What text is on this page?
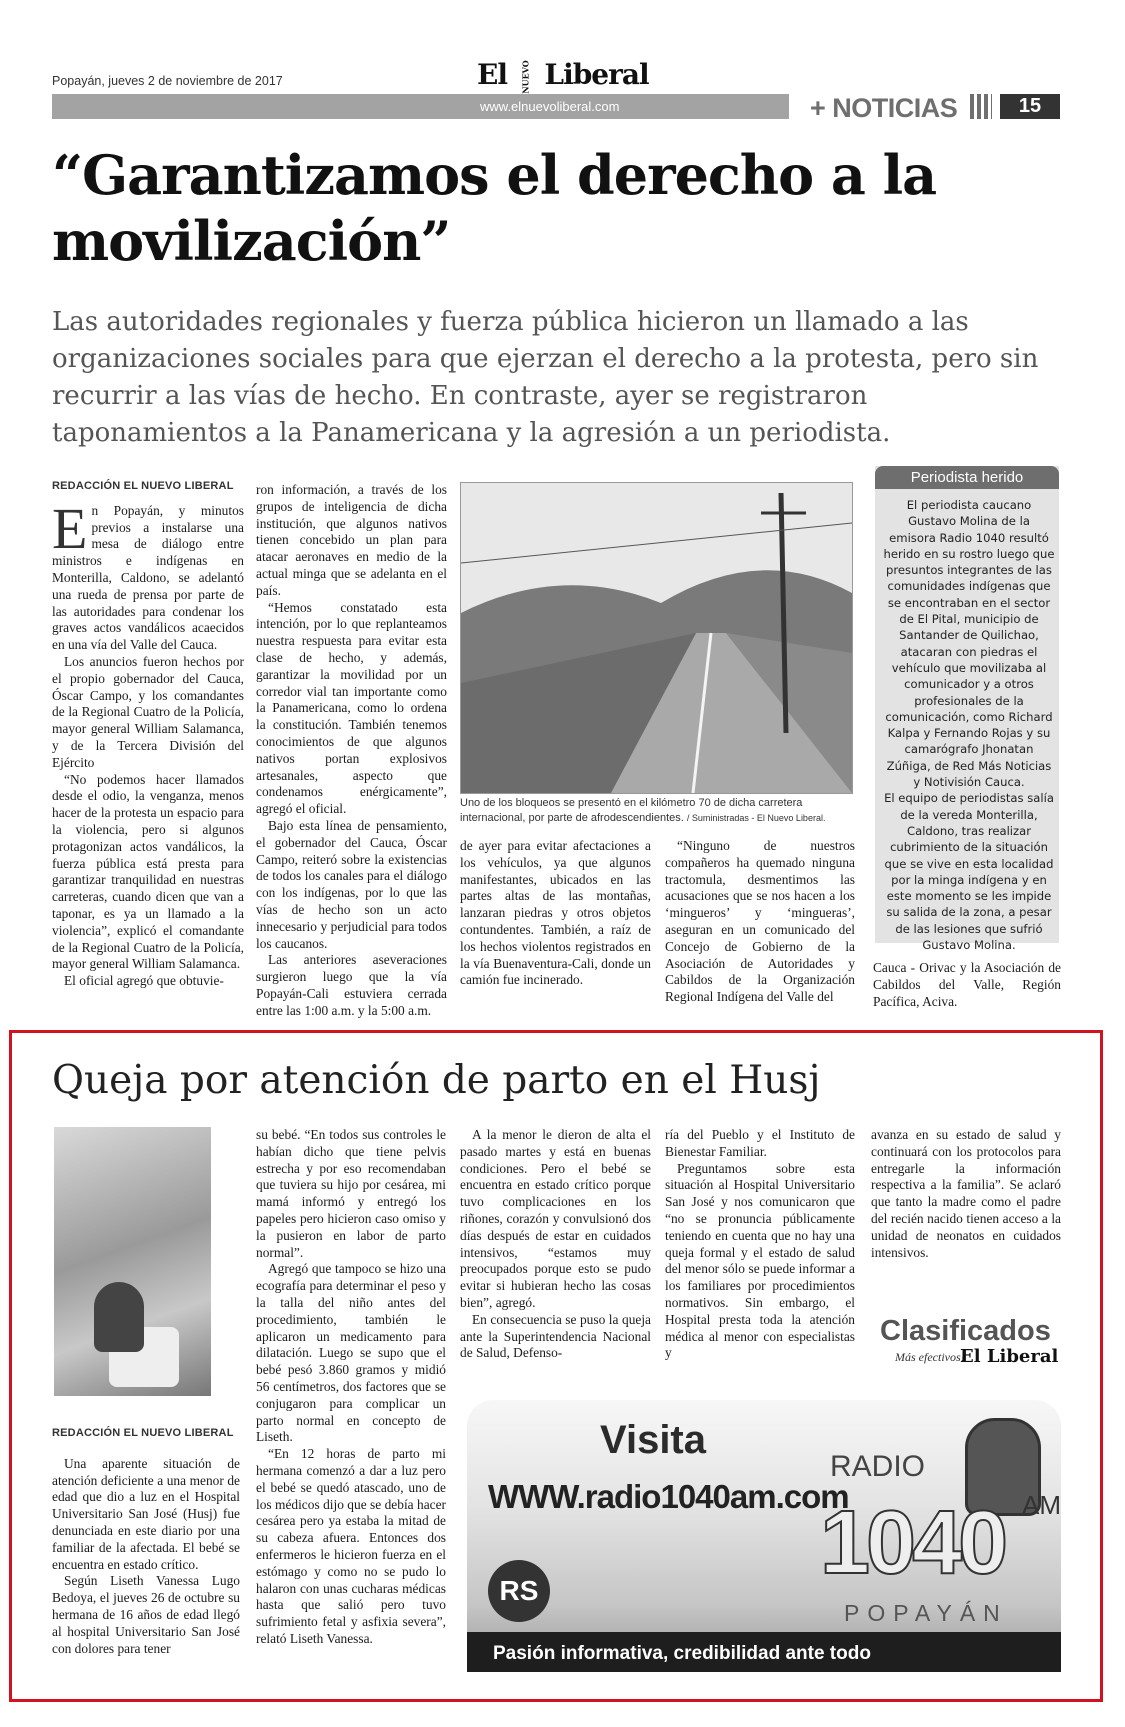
Popayán, jueves 2 de noviembre de 2017	El NUEVO Liberal
www.elnuevoliberal.com	+ NOTICIAS	15
“Garantizamos el derecho a la movilización”
Las autoridades regionales y fuerza pública hicieron un llamado a las organizaciones sociales para que ejerzan el derecho a la protesta, pero sin recurrir a las vías de hecho. En contraste, ayer se registraron taponamientos a la Panamericana y la agresión a un periodista.
REDACCIÓN EL NUEVO LIBERAL
E n Popayán, y minutos previos a instalarse una mesa de diálogo entre ministros e indígenas en Monterilla, Caldono, se adelantó una rueda de prensa por parte de las autoridades para condenar los graves actos vandálicos acaecidos en una vía del Valle del Cauca.

Los anuncios fueron hechos por el propio gobernador del Cauca, Óscar Campo, y los comandantes de la Regional Cuatro de la Policía, mayor general William Salamanca, y de la Tercera División del Ejército

“No podemos hacer llamados desde el odio, la venganza, menos hacer de la protesta un espacio para la violencia, pero si algunos protagonizan actos vandálicos, la fuerza pública está presta para garantizar tranquilidad en nuestras carreteras, cuando dicen que van a taponar, es ya un llamado a la violencia”, explicó el comandante de la Regional Cuatro de la Policía, mayor general William Salamanca.

El oficial agregó que obtuvie-

ron información, a través de los grupos de inteligencia de dicha institución, que algunos nativos tienen concebido un plan para atacar aeronaves en medio de la actual minga que se adelanta en el país.

“Hemos constatado esta intención, por lo que replanteamos nuestra respuesta para evitar esta clase de hecho, y además, garantizar la movilidad por un corredor vial tan importante como la Panamericana, como lo ordena la constitución. También tenemos conocimientos de que algunos nativos portan explosivos artesanales, aspecto que condenamos enérgicamente”, agregó el oficial.

Bajo esta línea de pensamiento, el gobernador del Cauca, Óscar Campo, reiteró sobre la existencias de todos los canales para el diálogo con los indígenas, por lo que las vías de hecho son un acto innecesario y perjudicial para todos los caucanos.

Las anteriores aseveraciones surgieron luego que la vía Popayán-Cali estuviera cerrada entre las 1:00 a.m. y la 5:00 a.m.

Uno de los bloqueos se presentó en el kilómetro 70 de dicha carretera internacional, por parte de afrodescendientes. / Suministradas - El Nuevo Liberal.

de ayer para evitar afectaciones a los vehículos, ya que algunos manifestantes, ubicados en las partes altas de las montañas, lanzaran piedras y otros objetos contundentes. También, a raíz de los hechos violentos registrados en la vía Buenaventura-Cali, donde un camión fue incinerado.

“Ninguno de nuestros compañeros ha quemado ninguna tractomula, desmentimos las acusaciones que se nos hacen a los ‘mingueros’ y ‘mingueras’, aseguran en un comunicado del Concejo de Gobierno de la Asociación de Autoridades y Cabildos de la Organización Regional Indígena del Valle del

Periodista herido

El periodista caucano Gustavo Molina de la emisora Radio 1040 resultó herido en su rostro luego que presuntos integrantes de las comunidades indígenas que se encontraban en el sector de El Pital, municipio de Santander de Quilichao, atacaran con piedras el vehículo que movilizaba al comunicador y a otros profesionales de la comunicación, como Richard Kalpa y Fernando Rojas y su camarógrafo Jhonatan Zúñiga, de Red Más Noticias y Notivisión Cauca.

El equipo de periodistas salía de la vereda Monterilla, Caldono, tras realizar cubrimiento de la situación que se vive en esta localidad por la minga indígena y en este momento se les impide su salida de la zona, a pesar de las lesiones que sufrió Gustavo Molina.

Cauca - Orivac y la Asociación de Cabildos del Valle, Región Pacífica, Aciva.

Queja por atención de parto en el Husj
REDACCIÓN EL NUEVO LIBERAL

Una aparente situación de atención deficiente a una menor de edad que dio a luz en el Hospital Universitario San José (Husj) fue denunciada en este diario por una familiar de la afectada. El bebé se encuentra en estado crítico.

Según Liseth Vanessa Lugo Bedoya, el jueves 26 de octubre su hermana de 16 años de edad llegó al hospital Universitario San José con dolores para tener

su bebé. “En todos sus controles le habían dicho que tiene pelvis estrecha y por eso recomendaban que tuviera su hijo por cesárea, mi mamá informó y entregó los papeles pero hicieron caso omiso y la pusieron en labor de parto normal”.

Agregó que tampoco se hizo una ecografía para determinar el peso y la talla del niño antes del procedimiento, también le aplicaron un medicamento para dilatación. Luego se supo que el bebé pesó 3.860 gramos y midió 56 centímetros, dos factores que se conjugaron para complicar un parto normal en concepto de Liseth.

“En 12 horas de parto mi hermana comenzó a dar a luz pero el bebé se quedó atascado, uno de los médicos dijo que se debía hacer cesárea pero ya estaba la mitad de su cabeza afuera. Entonces dos enfermeros le hicieron fuerza en el estómago y como no se pudo lo halaron con unas cucharas médicas hasta que salió pero tuvo sufrimiento fetal y asfixia severa”, relató Liseth Vanessa.

A la menor le dieron de alta el pasado martes y está en buenas condiciones. Pero el bebé se encuentra en estado crítico porque tuvo complicaciones en los riñones, corazón y convulsionó dos días después de estar en cuidados intensivos, “estamos muy preocupados porque esto se pudo evitar si hubieran hecho las cosas bien”, agregó.

En consecuencia se puso la queja ante la Superintendencia Nacional de Salud, Defenso-

ría del Pueblo y el Instituto de Bienestar Familiar.

Preguntamos sobre esta situación al Hospital Universitario San José y nos comunicaron que “no se pronuncia públicamente teniendo en cuenta que no hay una queja formal y el estado de salud del menor sólo se puede informar a los familiares por procedimientos normativos. Sin embargo, el Hospital presta toda la atención médica al menor con especialistas y

avanza en su estado de salud y continuará con los protocolos para entregarle la información respectiva a la familia”. Se aclaró que tanto la madre como el padre del recién nacido tienen acceso a la unidad de neonatos en cuidados intensivos.

Clasificados
Más efectivos!
El Liberal
Visita
WWW.radio1040am.com
RADIO
1040 AM
POPAYÁN
RS
Pasión informativa, credibilidad ante todo
